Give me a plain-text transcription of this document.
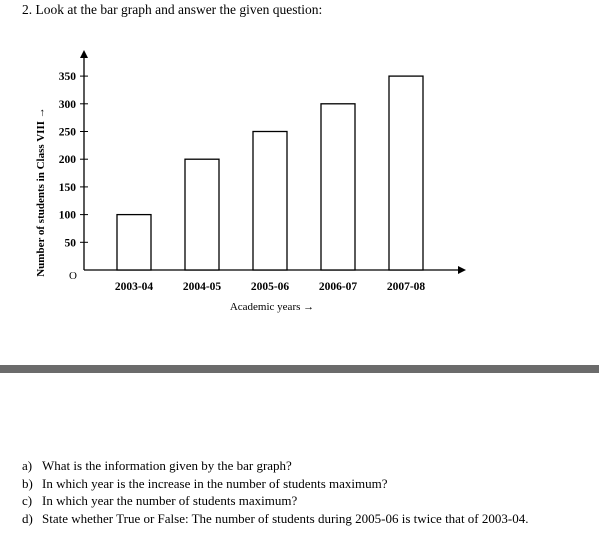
2. Look at the bar graph and answer the given question:
O
50
100
150
200
250
300
350
2003-04	2004-05	2005-06	2006-07	2007-08
Academic years →
Number of students in Class VIII →
a) What is the information given by the bar graph?
b) In which year is the increase in the number of students maximum?
c) In which year the number of students maximum?
d) State whether True or False: The number of students during 2005-06 is twice that of 2003-04.
